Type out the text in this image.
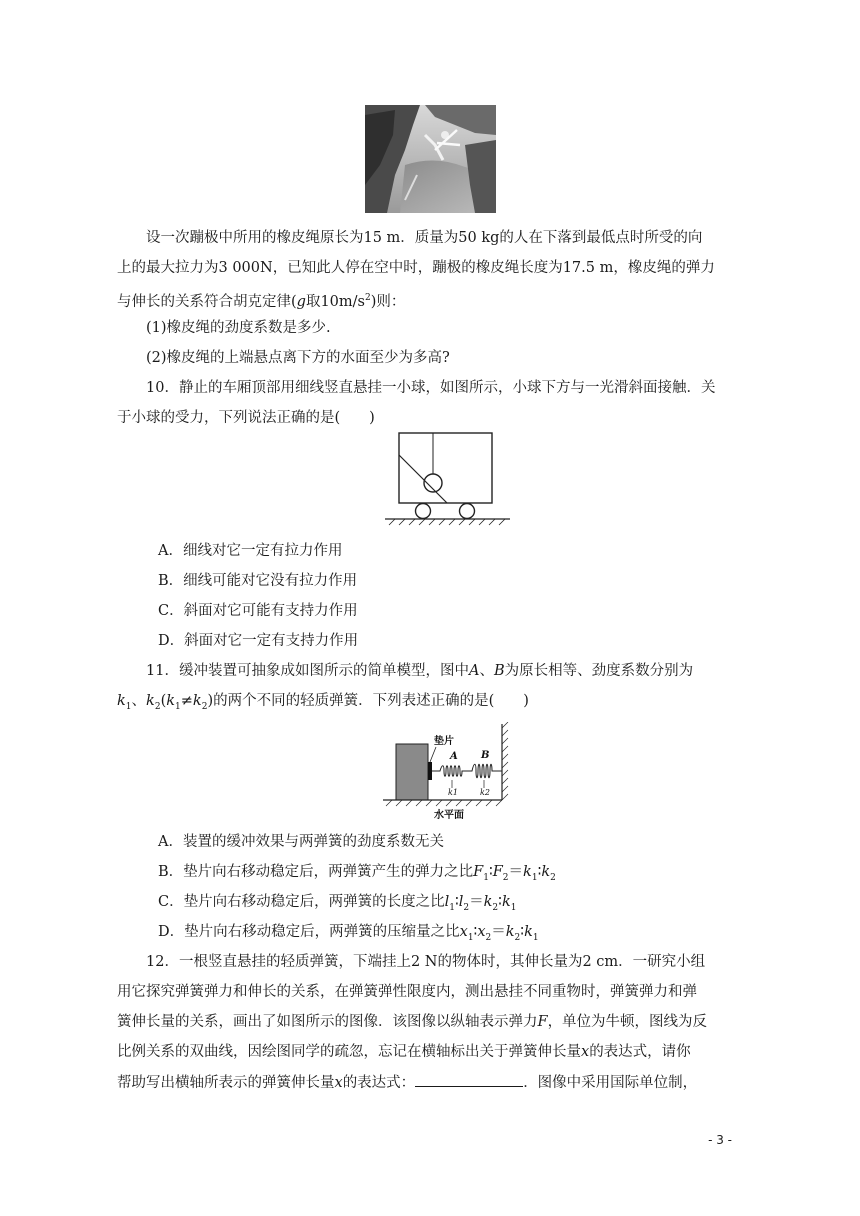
设一次蹦极中所用的橡皮绳原长为15 m．质量为50 kg的人在下落到最低点时所受的向
上的最大拉力为3 000N，已知此人停在空中时，蹦极的橡皮绳长度为17.5 m，橡皮绳的弹力
与伸长的关系符合胡克定律(g取$10m/s^2$)则：
(1)橡皮绳的劲度系数是多少.
(2)橡皮绳的上端悬点离下方的水面至少为多高?
10．静止的车厢顶部用细线竖直悬挂一小球，如图所示，小球下方与一光滑斜面接触．关
于小球的受力，下列说法正确的是(　　)
A．细线对它一定有拉力作用
B．细线可能对它没有拉力作用
C．斜面对它可能有支持力作用
D．斜面对它一定有支持力作用
11．缓冲装置可抽象成如图所示的简单模型，图中A、B为原长相等、劲度系数分别为
$k_1$、$k_2(k_1\ne k_2)$的两个不同的轻质弹簧．下列表述正确的是(　　)
垫片
A B
k1	k2
水平面
A．装置的缓冲效果与两弹簧的劲度系数无关
B．垫片向右移动稳定后，两弹簧产生的弹力之比$F_1∶F_2=k_1∶k_2$
C．垫片向右移动稳定后，两弹簧的长度之比$l_1∶l_2=k_2∶k_1$
D．垫片向右移动稳定后，两弹簧的压缩量之比$x_1∶x_2=k_2∶k_1$
12．一根竖直悬挂的轻质弹簧，下端挂上2 N的物体时，其伸长量为2 cm．一研究小组
用它探究弹簧弹力和伸长的关系，在弹簧弹性限度内，测出悬挂不同重物时，弹簧弹力和弹
簧伸长量的关系，画出了如图所示的图像．该图像以纵轴表示弹力F，单位为牛顿，图线为反
比例关系的双曲线，因绘图同学的疏忽，忘记在横轴标出关于弹簧伸长量x的表达式，请你
帮助写出横轴所表示的弹簧伸长量x的表达式：	．图像中采用国际单位制，
- 3 -
